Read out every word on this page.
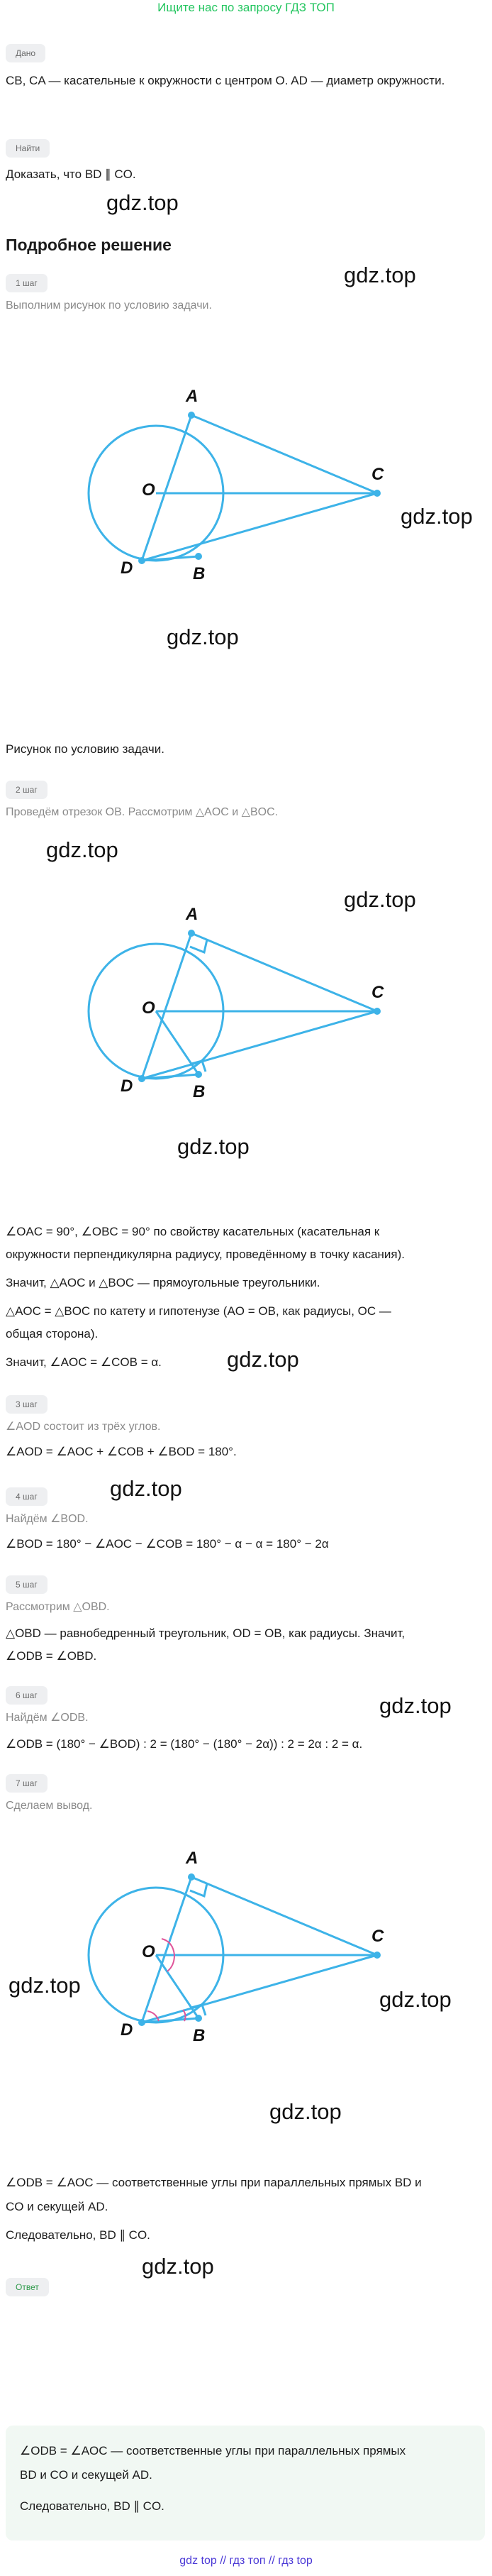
Ищите нас по запросу ГДЗ ТОП
Дано
CB, CA — касательные к окружности с центром O. AD — диаметр окружности.
Найти
Доказать, что BD ∥ CO.
gdz.top
Подробное решение
1 шаг
Выполним рисунок по условию задачи.
gdz.top
A
C
O
D	B
gdz.top
gdz.top
Рисунок по условию задачи.
2 шаг
Проведём отрезок OB. Рассмотрим △AOC и △BOC.
gdz.top
gdz.top
A
C
O
D	B
gdz.top
∠OAC = 90°, ∠OBC = 90° по свойству касательных (касательная к
окружности перпендикулярна радиусу, проведённому в точку касания).
Значит, △AOC и △BOC — прямоугольные треугольники.
△AOC = △BOC по катету и гипотенузе (AO = OB, как радиусы, OC —
общая сторона).
Значит, ∠AOC = ∠COB = α.	gdz.top
3 шаг
∠AOD состоит из трёх углов.
∠AOD = ∠AOC + ∠COB + ∠BOD = 180°.
gdz.top
4 шаг
Найдём ∠BOD.
∠BOD = 180° − ∠AOC − ∠COB = 180° − α − α = 180° − 2α
5 шаг
Рассмотрим △OBD.
△OBD — равнобедренный треугольник, OD = OB, как радиусы. Значит,
∠ODB = ∠OBD.
6 шаг	gdz.top
Найдём ∠ODB.
∠ODB = (180° − ∠BOD) : 2 = (180° − (180° − 2α)) : 2 = 2α : 2 = α.
7 шаг
Сделаем вывод.
A
C
O
D	B
gdz.top
gdz.top
gdz.top
∠ODB = ∠AOC — соответственные углы при параллельных прямых BD и
CO и секущей AD.
Следовательно, BD ∥ CO.
gdz.top
Ответ
∠ODB = ∠AOC — соответственные углы при параллельных прямых
BD и CO и секущей AD.
Следовательно, BD ∥ CO.
gdz top // гдз топ // гдз top
